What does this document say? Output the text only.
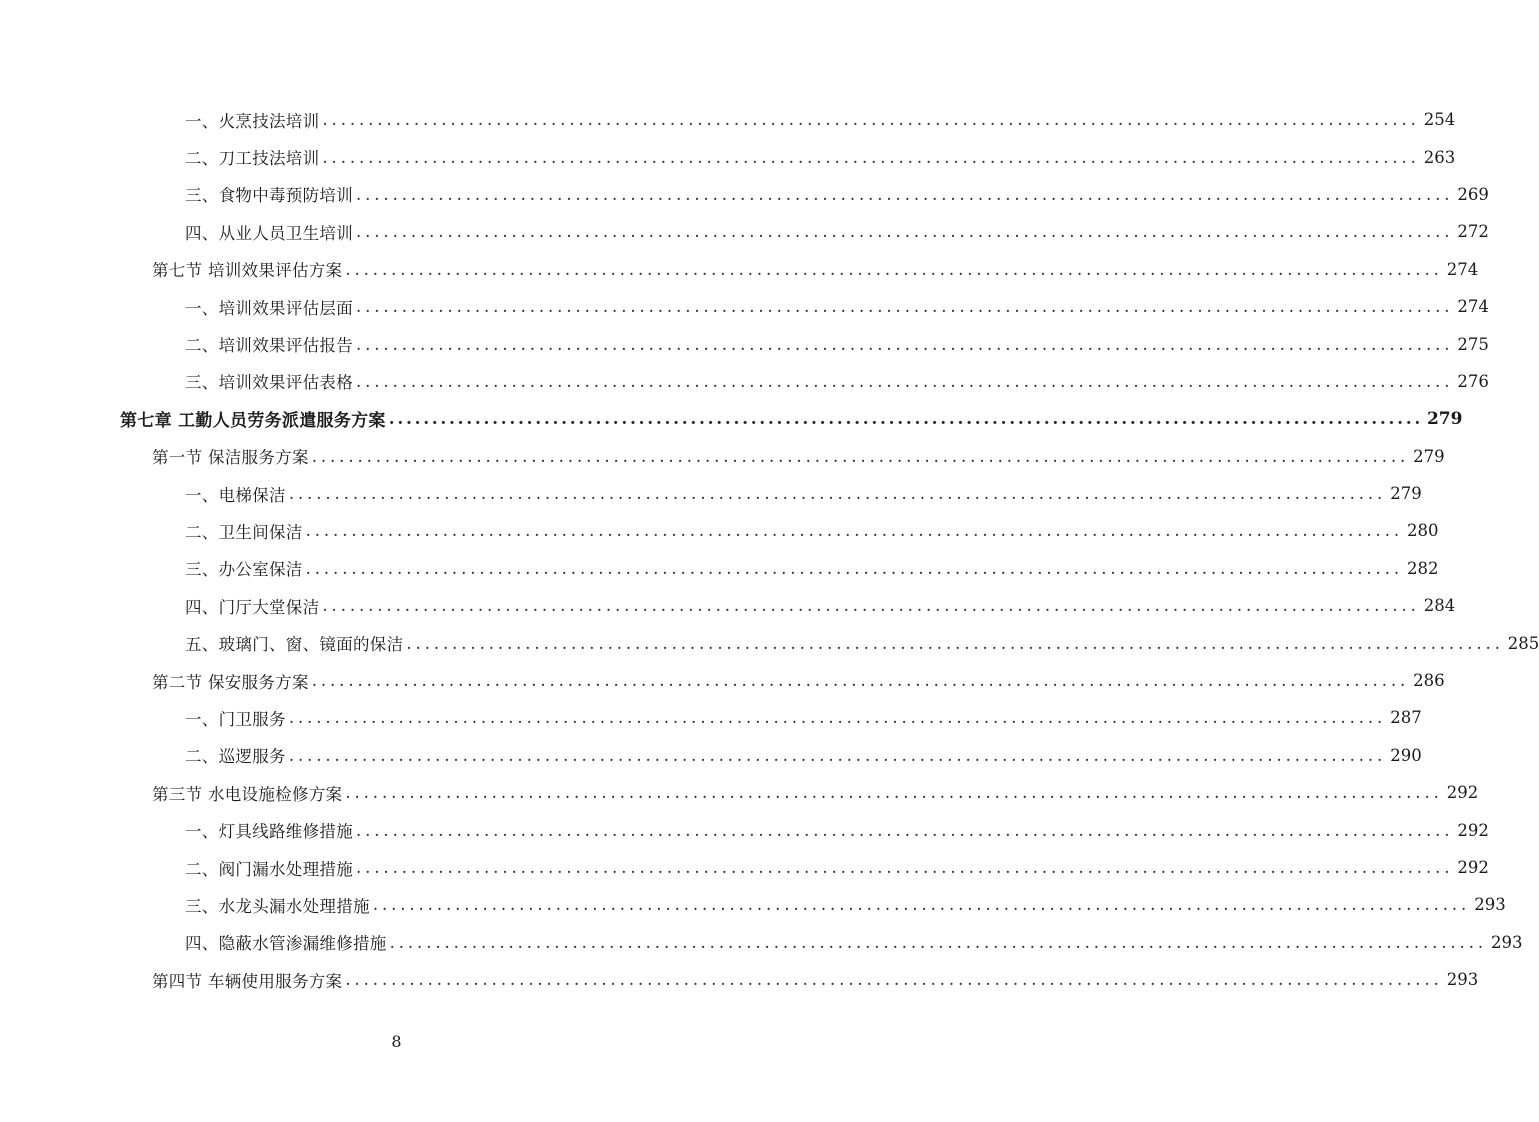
一、火烹技法培训 ........................................................................................................................ 254
二、刀工技法培训 ........................................................................................................................ 263
三、食物中毒预防培训 ........................................................................................................................ 269
四、从业人员卫生培训 ........................................................................................................................ 272
第七节 培训效果评估方案 ........................................................................................................................ 274
一、培训效果评估层面 ........................................................................................................................ 274
二、培训效果评估报告 ........................................................................................................................ 275
三、培训效果评估表格 ........................................................................................................................ 276
第七章 工勤人员劳务派遣服务方案 ........................................................................................................................ 279
第一节 保洁服务方案 ........................................................................................................................ 279
一、电梯保洁 ........................................................................................................................ 279
二、卫生间保洁 ........................................................................................................................ 280
三、办公室保洁 ........................................................................................................................ 282
四、门厅大堂保洁 ........................................................................................................................ 284
五、玻璃门、窗、镜面的保洁 ........................................................................................................................ 285
第二节 保安服务方案 ........................................................................................................................ 286
一、门卫服务 ........................................................................................................................ 287
二、巡逻服务 ........................................................................................................................ 290
第三节 水电设施检修方案 ........................................................................................................................ 292
一、灯具线路维修措施 ........................................................................................................................ 292
二、阀门漏水处理措施 ........................................................................................................................ 292
三、水龙头漏水处理措施 ........................................................................................................................ 293
四、隐蔽水管渗漏维修措施 ........................................................................................................................ 293
第四节 车辆使用服务方案 ........................................................................................................................ 293
8
